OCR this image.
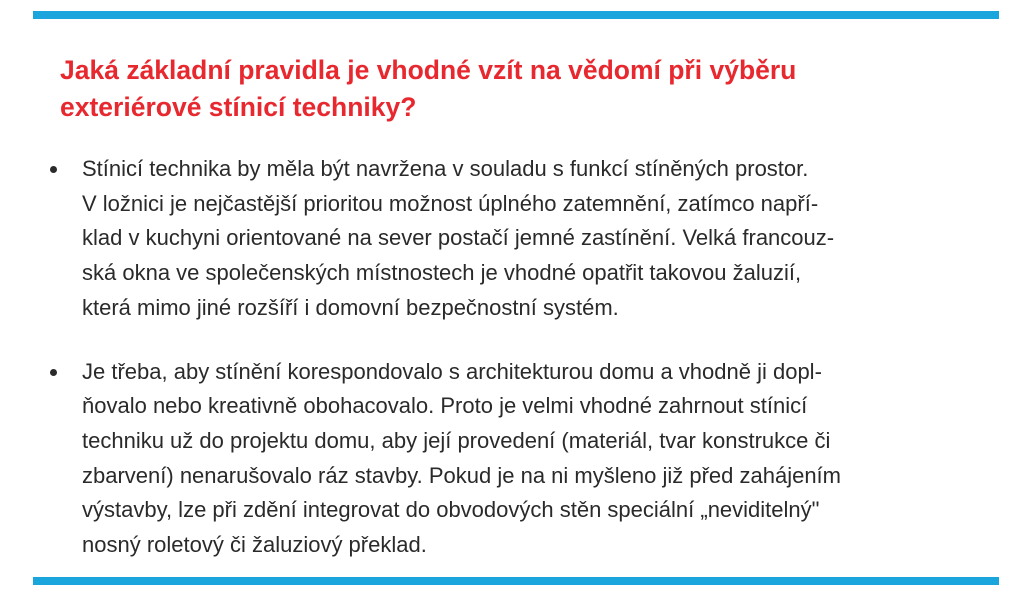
Jaká základní pravidla je vhodné vzít na vědomí při výběru
exteriérové stínicí techniky?
Stínicí technika by měla být navržena v souladu s funkcí stíněných prostor.
V ložnici je nejčastější prioritou možnost úplného zatemnění, zatímco napří-
klad v kuchyni orientované na sever postačí jemné zastínění. Velká francouz-
ská okna ve společenských místnostech je vhodné opatřit takovou žaluzií,
která mimo jiné rozšíří i domovní bezpečnostní systém.
Je třeba, aby stínění korespondovalo s architekturou domu a vhodně ji dopl-
ňovalo nebo kreativně obohacovalo. Proto je velmi vhodné zahrnout stínicí
techniku už do projektu domu, aby její provedení (materiál, tvar konstrukce či
zbarvení) nenarušovalo ráz stavby. Pokud je na ni myšleno již před zahájením
výstavby, lze při zdění integrovat do obvodových stěn speciální „neviditelný"
nosný roletový či žaluziový překlad.
